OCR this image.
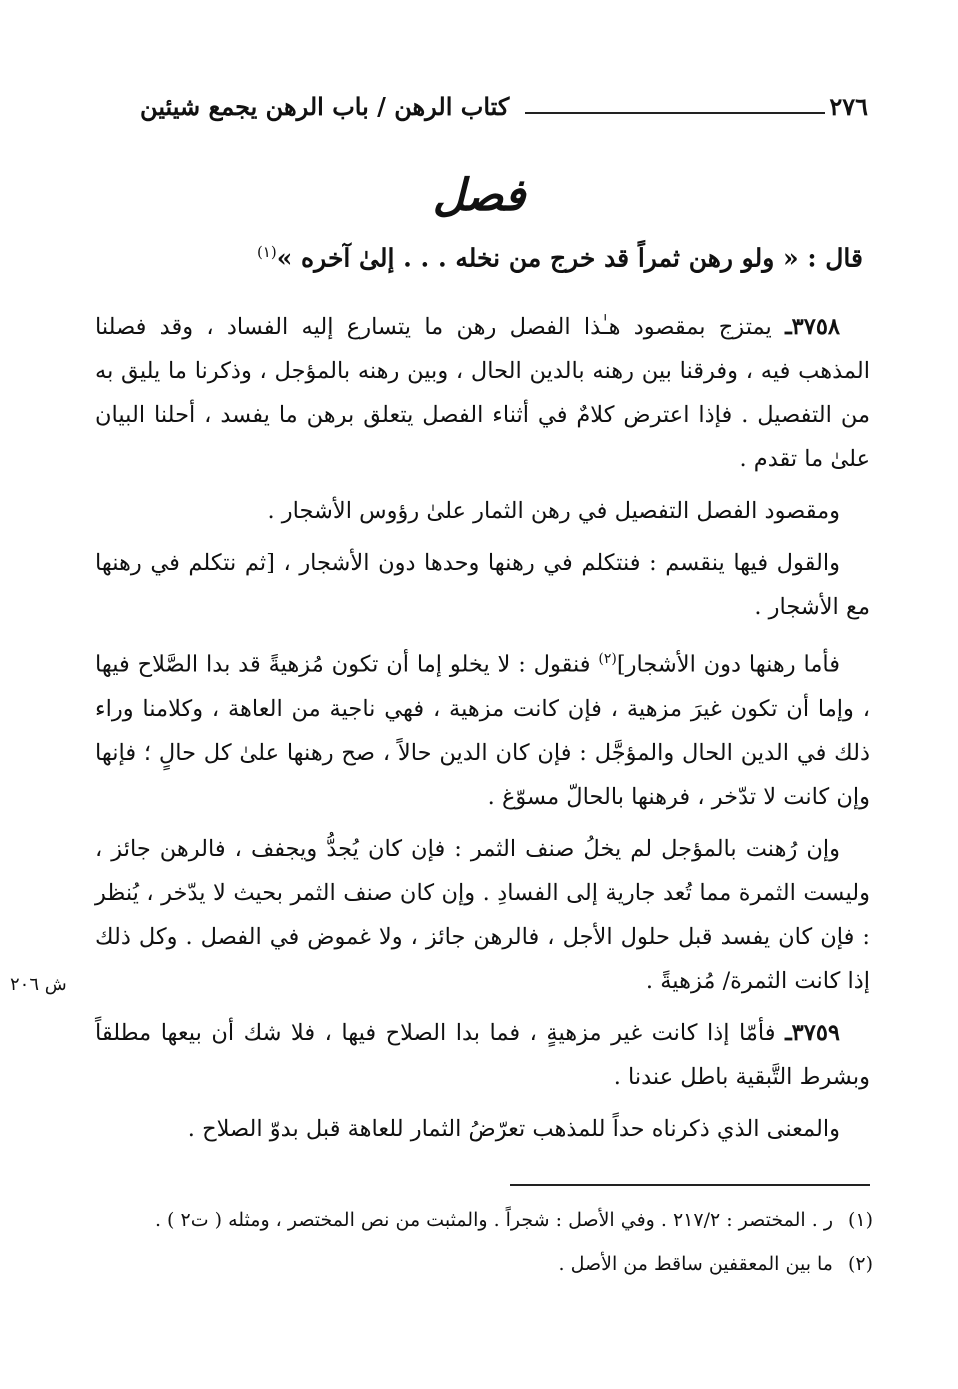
٢٧٦
كتاب الرهن / باب الرهن يجمع شيئين
فصل
قال : « ولو رهن ثمراً قد خرج من نخله . . . إلىٰ آخره »$^{(١)}$

٣٧٥٨ـ يمتزج بمقصود هـٰذا الفصل رهن ما يتسارع إليه الفساد ، وقد فصلنا المذهب فيه ، وفرقنا بين رهنه بالدين الحال ، وبين رهنه بالمؤجل ، وذكرنا ما يليق به من التفصيل . فإذا اعترض كلامٌ في أثناء الفصل يتعلق برهن ما يفسد ، أحلنا البيان علىٰ ما تقدم .

ومقصود الفصل التفصيل في رهن الثمار علىٰ رؤوس الأشجار .

والقول فيها ينقسم : فنتكلم في رهنها وحدها دون الأشجار ، [ثم نتكلم في رهنها مع الأشجار .

فأما رهنها دون الأشجار]$^{(٢)}$ فنقول : لا يخلو إما أن تكون مُزهيةً قد بدا الصَّلاح فيها ، وإما أن تكون غيرَ مزهية ، فإن كانت مزهية ، فهي ناجية من العاهة ، وكلامنا وراء ذلك في الدين الحال والمؤجَّل : فإن كان الدين حالاً ، صح رهنها علىٰ كل حالٍ ؛ فإنها وإن كانت لا تدّخر ، فرهنها بالحالّ مسوّغ .

وإن رُهنت بالمؤجل لم يخلُ صنف الثمر : فإن كان يُجدُّ ويجفف ، فالرهن جائز ، وليست الثمرة مما تُعد جارية إلى الفسادِ . وإن كان صنف الثمر بحيث لا يدّخر ، يُنظر : فإن كان يفسد قبل حلول الأجل ، فالرهن جائز ، ولا غموض في الفصل . وكل ذلك إذا كانت الثمرة/ مُزهيةً .

٣٧٥٩ـ فأمّا إذا كانت غير مزهيةٍ ، فما بدا الصلاح فيها ، فلا شك أن بيعها مطلقاً وبشرط التَّبقية باطل عندنا .

والمعنى الذي ذكرناه حداً للمذهب تعرّضُ الثمار للعاهة قبل بدوّ الصلاح .

ش ٢٠٦
(١)
ر . المختصر : ٢١٧/٢ . وفي الأصل : شجراً . والمثبت من نص المختصر ، ومثله ( ت٢ ) .
(٢)
ما بين المعقفين ساقط من الأصل .
